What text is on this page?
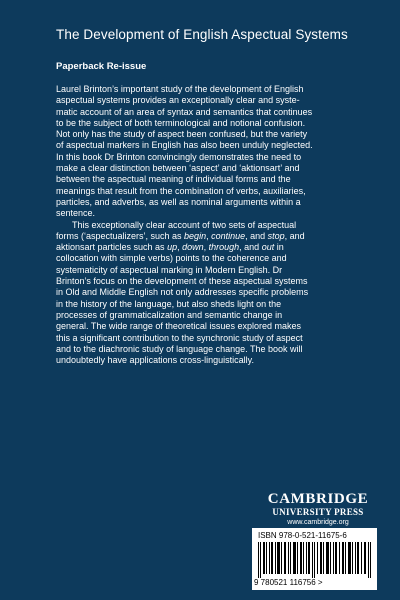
The Development of English Aspectual Systems
Paperback Re-issue

Laurel Brinton’s important study of the development of English
aspectual systems provides an exceptionally clear and syste-
matic account of an area of syntax and semantics that continues
to be the subject of both terminological and notional confusion.
Not only has the study of aspect been confused, but the variety
of aspectual markers in English has also been unduly neglected.
In this book Dr Brinton convincingly demonstrates the need to
make a clear distinction between ‘aspect’ and ‘aktionsart’ and
between the aspectual meaning of individual forms and the
meanings that result from the combination of verbs, auxiliaries,
particles, and adverbs, as well as nominal arguments within a
sentence.

This exceptionally clear account of two sets of aspectual
forms (‘aspectualizers’, such as begin, continue, and stop, and
aktionsart particles such as up, down, through, and out in
collocation with simple verbs) points to the coherence and
systematicity of aspectual marking in Modern English. Dr
Brinton’s focus on the development of these aspectual systems
in Old and Middle English not only addresses specific problems
in the history of the language, but also sheds light on the
processes of grammaticalization and semantic change in
general. The wide range of theoretical issues explored makes
this a significant contribution to the synchronic study of aspect
and to the diachronic study of language change. The book will
undoubtedly have applications cross-linguistically.

CAMBRIDGE
UNIVERSITY PRESS
www.cambridge.org
ISBN 978-0-521-11675-6
9 780521 116756 >
